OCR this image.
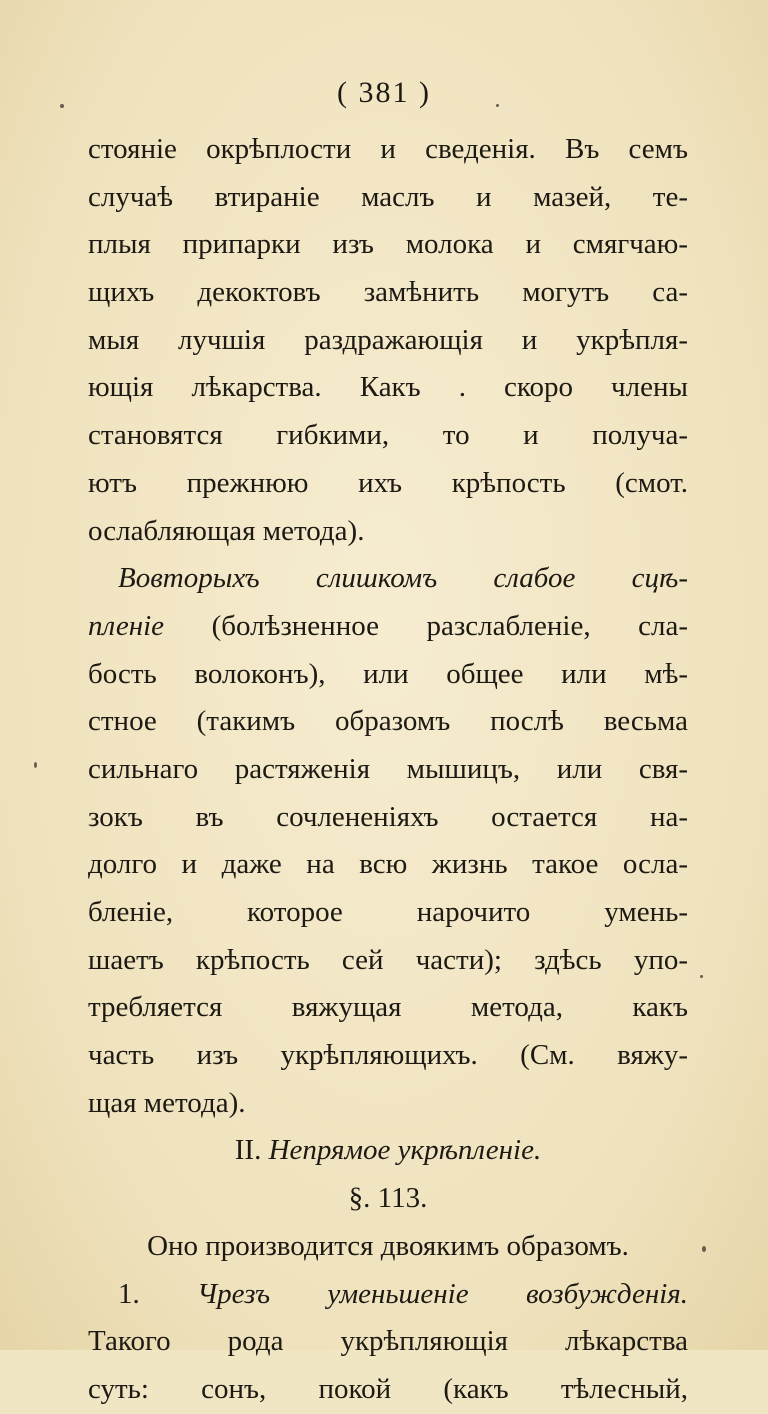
( 381 )
стоянiе окрѣплости и сведенiя. Въ семъ
случаѣ втиранiе маслъ и мазей, те-
плыя припарки изъ молока и смягчаю-
щихъ декоктовъ замѣнить могутъ са-
мыя лучшiя раздражающiя и укрѣпля-
ющiя лѣкарства. Какъ . скоро члены
становятся гибкими, то и получа-
ютъ прежнюю ихъ крѣпость (смот.
ослабляющая метода).
Вовторыхъ слишкомъ слабое сцѣ-
пленiе (болѣзненное разслабленiе, сла-
бость волоконъ), или общее или мѣ-
стное (такимъ образомъ послѣ весьма
сильнаго растяженiя мышицъ, или свя-
зокъ въ сочлененiяхъ остается на-
долго и даже на всю жизнь такое осла-
бленiе, которое нарочито умень-
шаетъ крѣпость сей части); здѣсь упо-
требляется вяжущая метода, какъ
часть изъ укрѣпляющихъ. (См. вяжу-
щая метода).
II. Непрямое укрѣпленiе.
§. 113.
Оно производится двоякимъ образомъ.
1. Чрезъ уменьшенiе возбужденiя.
Такого рода укрѣпляющiя лѣкарства
суть: сонъ, покой (какъ тѣлесный,
